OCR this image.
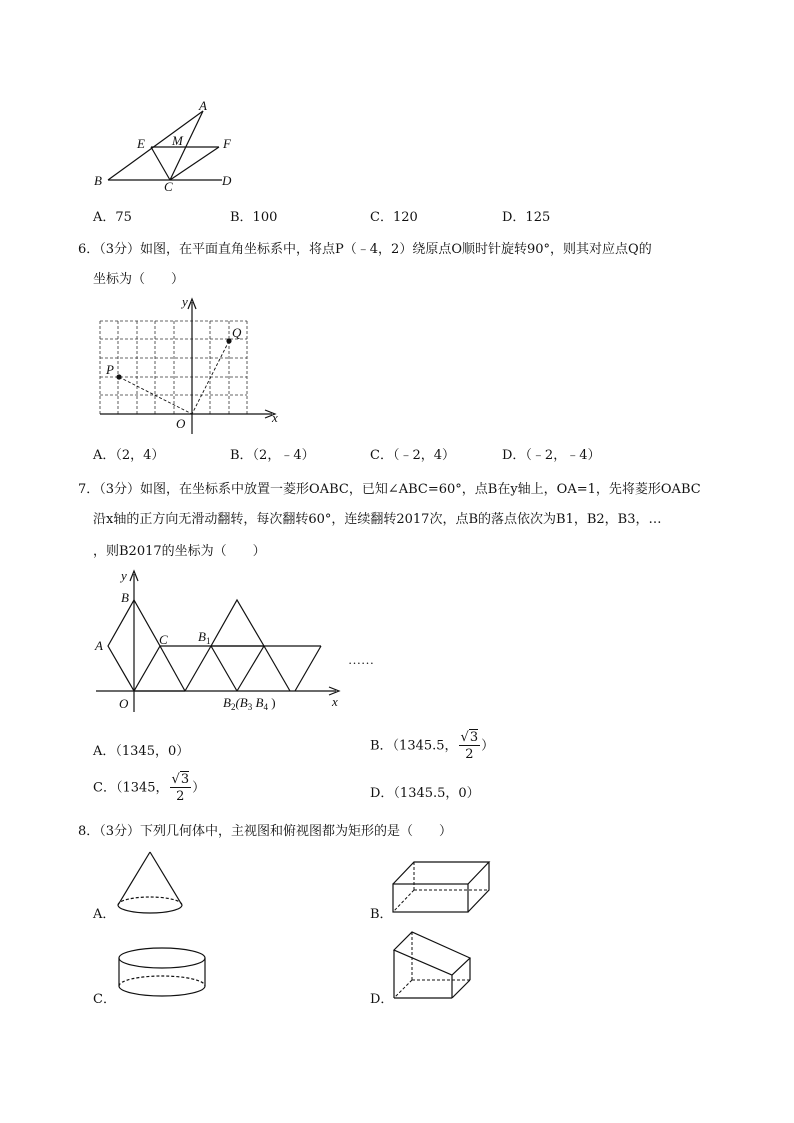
A
M
E	F
B	C	D
A．75	B．100	C．120	D．125
6．（3分）如图，在平面直角坐标系中，将点P（﹣4，2）绕原点O顺时针旋转90°，则其对应点Q的
坐标为（　　）
y
x
Q
P
O
A．（2，4）	B．（2，﹣4）	C．（﹣2，4）	D．（﹣2，﹣4）
7．（3分）如图，在坐标系中放置一菱形OABC，已知∠ABC=60°，点B在y轴上，OA=1，先将菱形OABC
沿x轴的正方向无滑动翻转，每次翻转60°，连续翻转2017次，点B的落点依次为B1，B2，B3，…
，则B2017的坐标为（　　）
y
B
A	C $B_1$
O	x
$B_2(B_3$ $B_4$ )
……
A．（1345，0）	B．（1345.5， $\frac{√3}{2}$ ）
C．（1345， $\frac{√3}{2}$ ）	D．（1345.5，0）
8．（3分）下列几何体中，主视图和俯视图都为矩形的是（　　）
A．	B．
C．	D．
